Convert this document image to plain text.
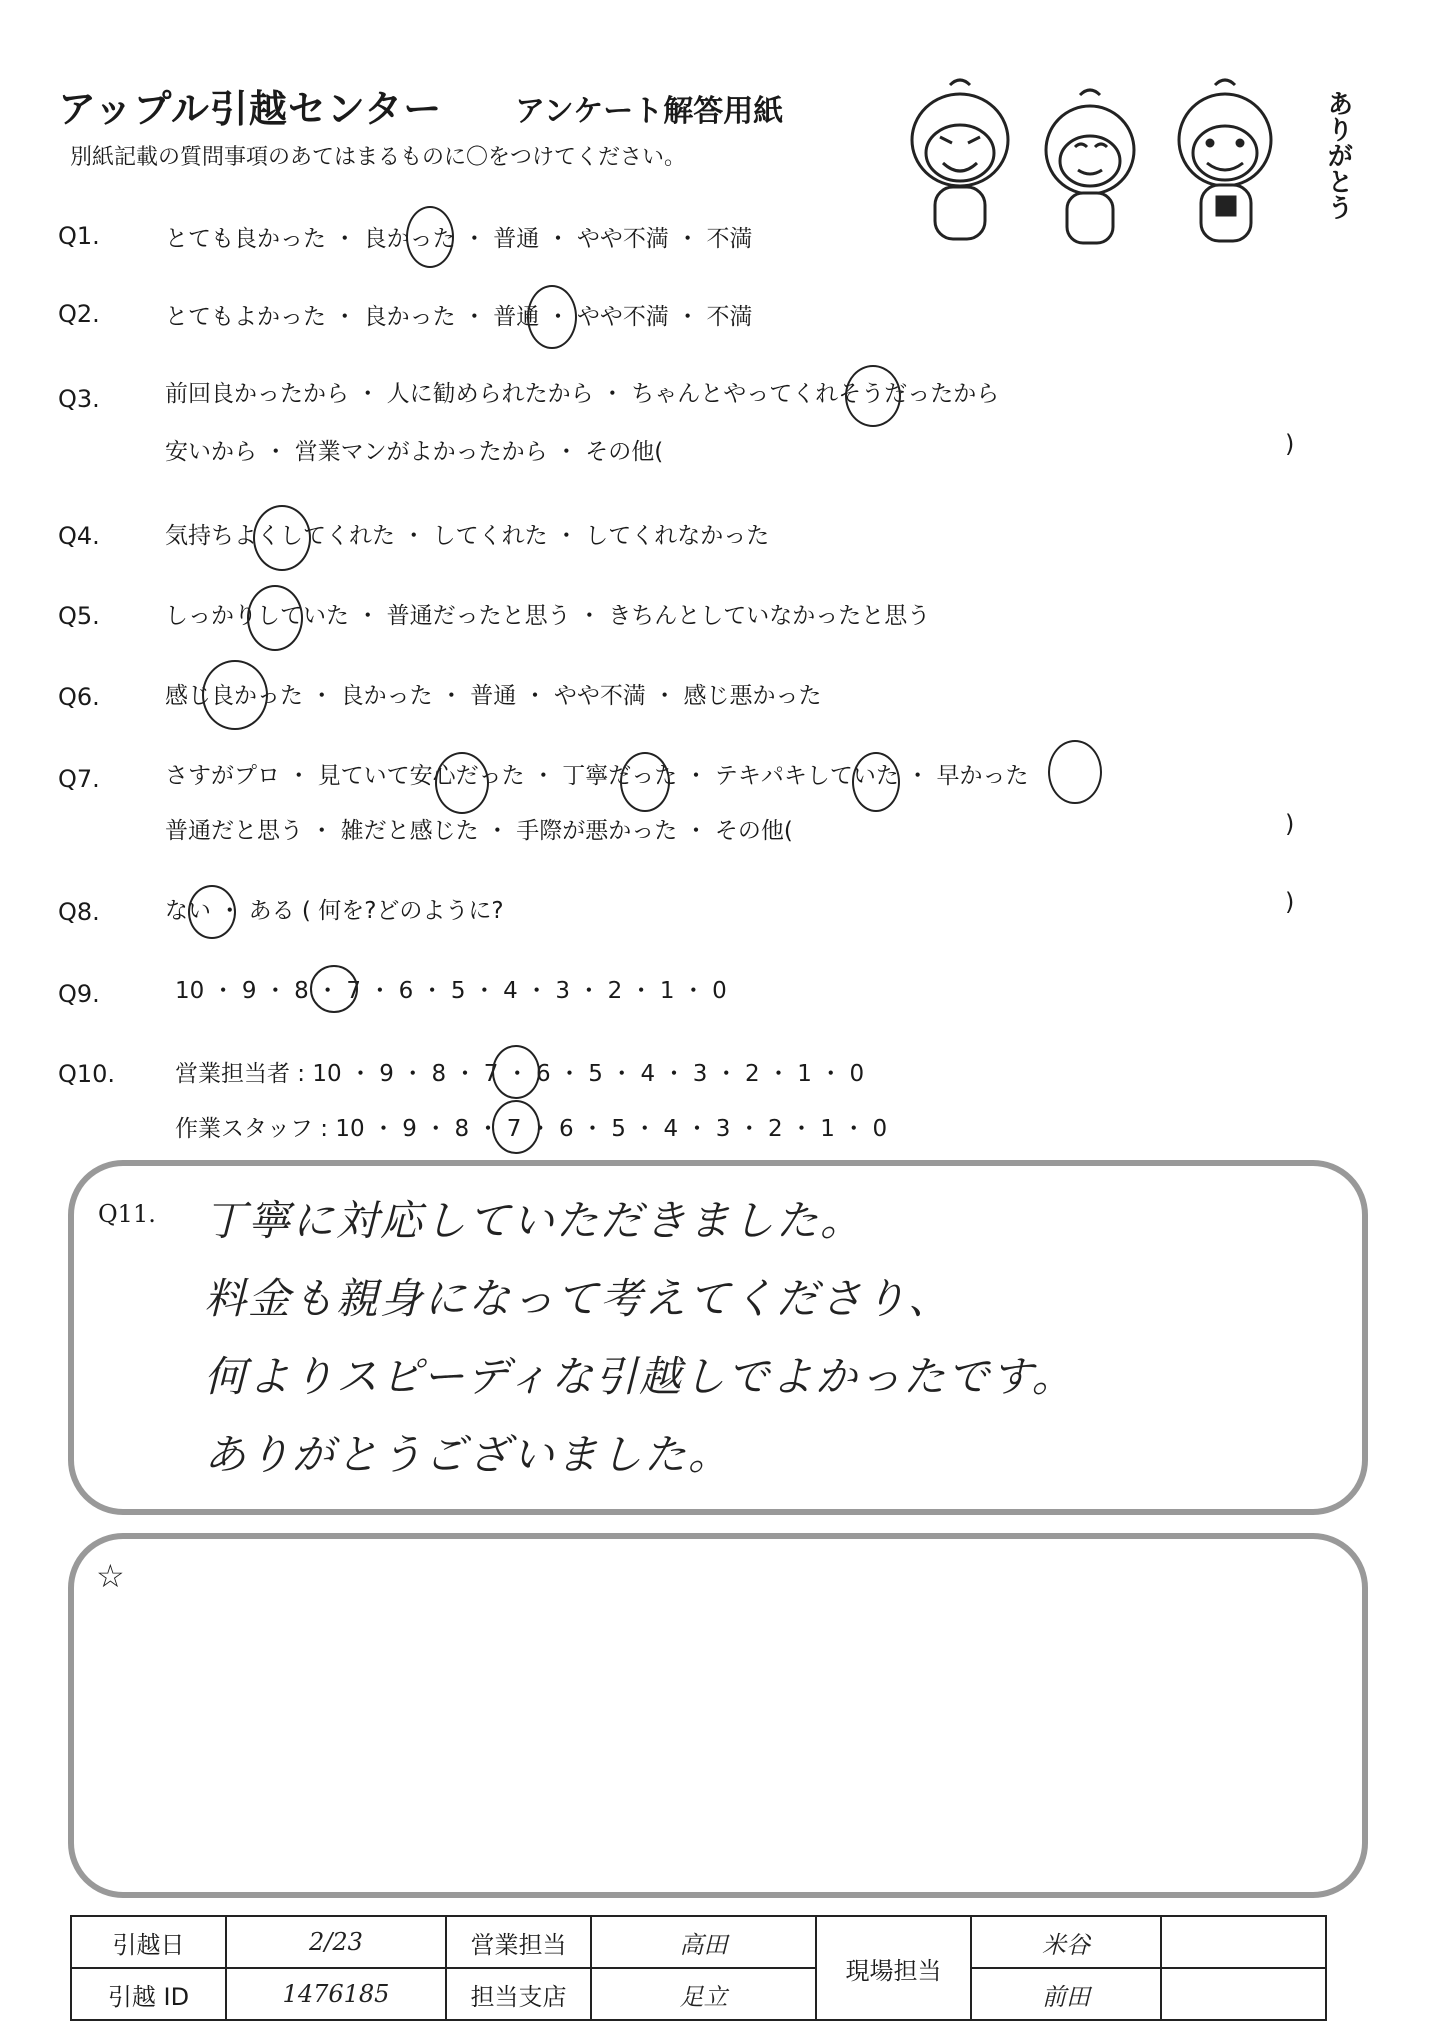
アップル引越センター アンケート解答用紙
別紙記載の質問事項のあてはまるものに〇をつけてください。	ありがとう
Q1.	とても良かった ・ 良かった ・ 普通 ・ やや不満 ・ 不満
Q2.	とてもよかった ・ 良かった ・ 普通 ・ やや不満 ・ 不満
Q3.	前回良かったから ・ 人に勧められたから ・ ちゃんとやってくれそうだったから
安いから ・ 営業マンがよかったから ・ その他(	)
Q4.	気持ちよくしてくれた ・ してくれた ・ してくれなかった
Q5.	しっかりしていた ・ 普通だったと思う ・ きちんとしていなかったと思う
Q6.	感じ良かった ・ 良かった ・ 普通 ・ やや不満 ・ 感じ悪かった
Q7.	さすがプロ ・ 見ていて安心だった ・ 丁寧だった ・ テキパキしていた ・ 早かった
普通だと思う ・ 雑だと感じた ・ 手際が悪かった ・ その他(	)
Q8.	ない ・ ある ( 何を?どのように?	)
Q9.	10 ・ 9 ・ 8 ・ 7 ・ 6 ・ 5 ・ 4 ・ 3 ・ 2 ・ 1 ・ 0
Q10.	営業担当者 : 10 ・ 9 ・ 8 ・ 7 ・ 6 ・ 5 ・ 4 ・ 3 ・ 2 ・ 1 ・ 0
作業スタッフ : 10 ・ 9 ・ 8 ・ 7 ・ 6 ・ 5 ・ 4 ・ 3 ・ 2 ・ 1 ・ 0
Q11. 丁寧に対応していただきました。
料金も親身になって考えてくださり、
何よりスピーディな引越しでよかったです。
ありがとうございました。
☆
引越日	2/23	営業担当	高田	現場担当	米谷	
引越 ID	1476185	担当支店	足立		前田	
